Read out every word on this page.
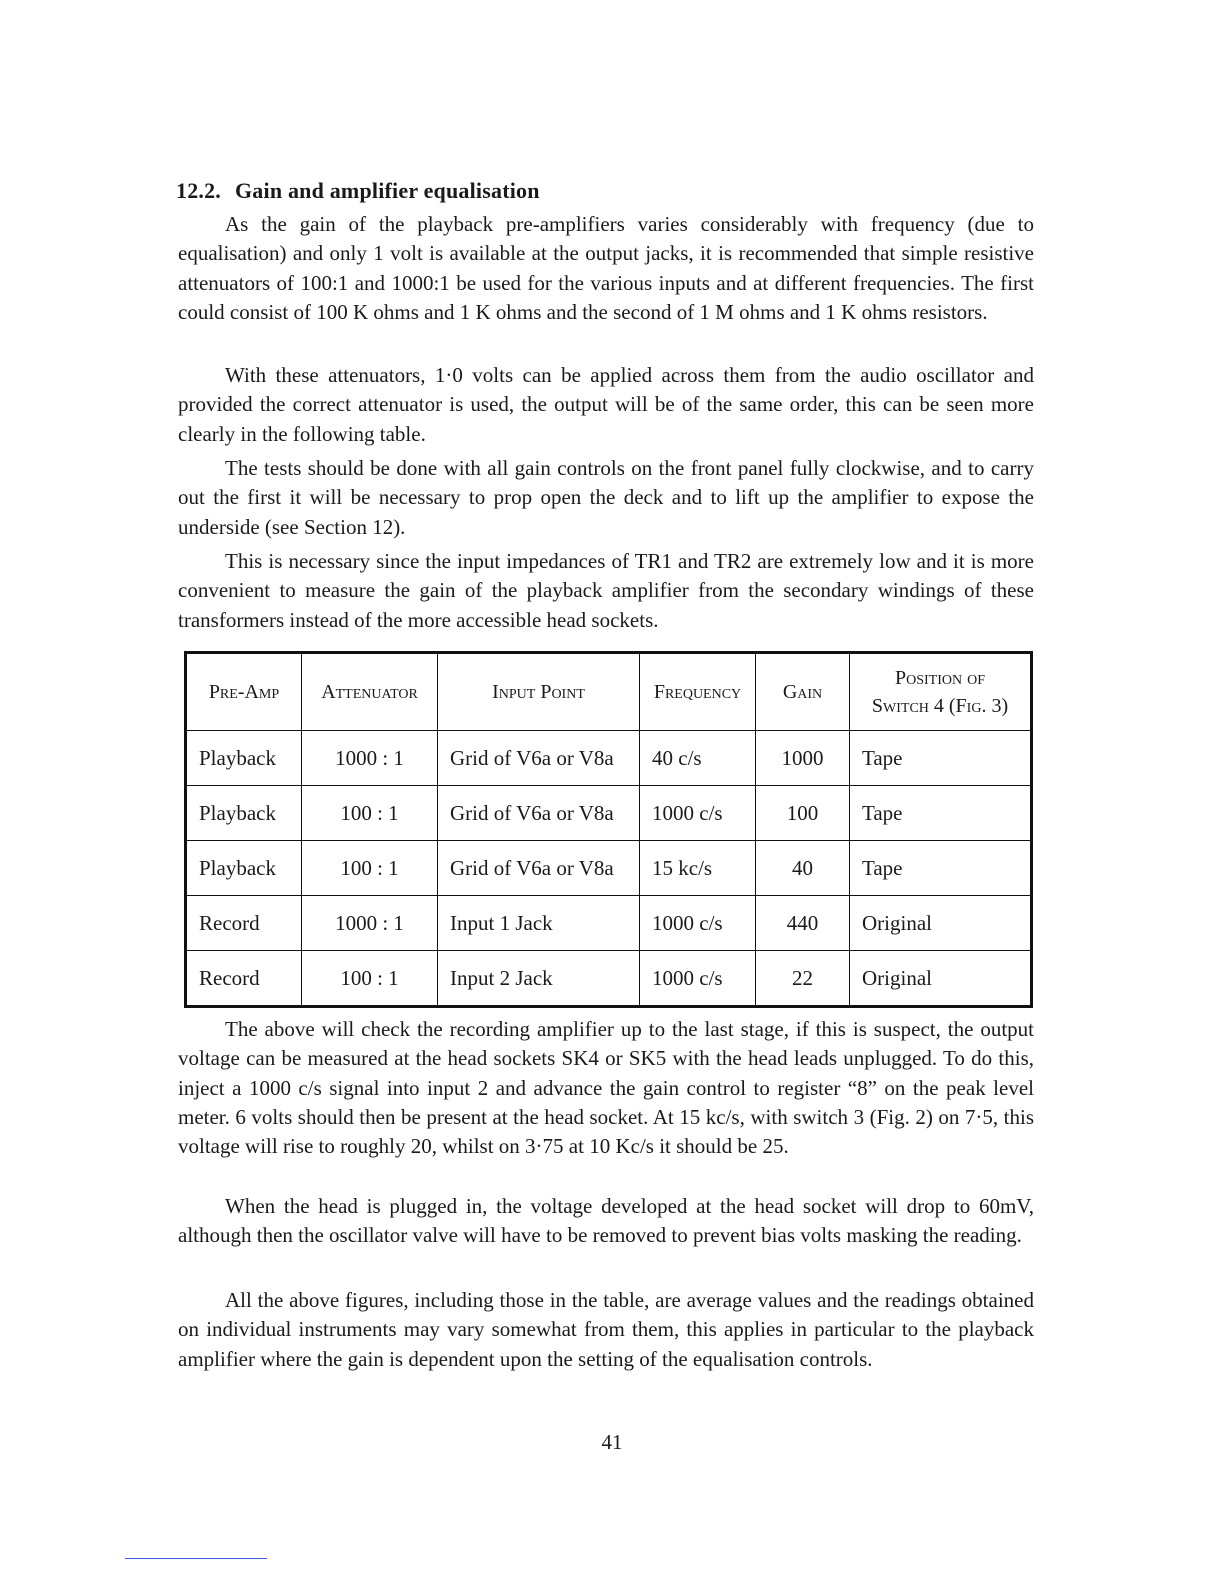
12.2. Gain and amplifier equalisation

As the gain of the playback pre-amplifiers varies considerably with frequency (due to equalisation) and only 1 volt is available at the output jacks, it is recommended that simple resistive attenuators of 100:1 and 1000:1 be used for the various inputs and at different frequencies. The first could consist of 100 K ohms and 1 K ohms and the second of 1 M ohms and 1 K ohms resistors.

With these attenuators, 1·0 volts can be applied across them from the audio oscillator and provided the correct attenuator is used, the output will be of the same order, this can be seen more clearly in the following table.

The tests should be done with all gain controls on the front panel fully clockwise, and to carry out the first it will be necessary to prop open the deck and to lift up the amplifier to expose the underside (see Section 12).

This is necessary since the input impedances of TR1 and TR2 are extremely low and it is more convenient to measure the gain of the playback amplifier from the secondary windings of these transformers instead of the more accessible head sockets.

Pre-Amp	Attenuator	Input Point	Frequency	Gain	Position of
Switch 4 (Fig. 3)
Playback	1000 : 1	Grid of V6a or V8a	40 c/s	1000	Tape
Playback	100 : 1	Grid of V6a or V8a	1000 c/s	100	Tape
Playback	100 : 1	Grid of V6a or V8a	15 kc/s	40	Tape
Record	1000 : 1	Input 1 Jack	1000 c/s	440	Original
Record	100 : 1	Input 2 Jack	1000 c/s	22	Original

The above will check the recording amplifier up to the last stage, if this is suspect, the output voltage can be measured at the head sockets SK4 or SK5 with the head leads unplugged. To do this, inject a 1000 c/s signal into input 2 and advance the gain control to register “8” on the peak level meter. 6 volts should then be present at the head socket. At 15 kc/s, with switch 3 (Fig. 2) on 7·5, this voltage will rise to roughly 20, whilst on 3·75 at 10 Kc/s it should be 25.

When the head is plugged in, the voltage developed at the head socket will drop to 60mV, although then the oscillator valve will have to be removed to prevent bias volts masking the reading.

All the above figures, including those in the table, are average values and the readings obtained on individual instruments may vary somewhat from them, this applies in particular to the playback amplifier where the gain is dependent upon the setting of the equalisation controls.

41
